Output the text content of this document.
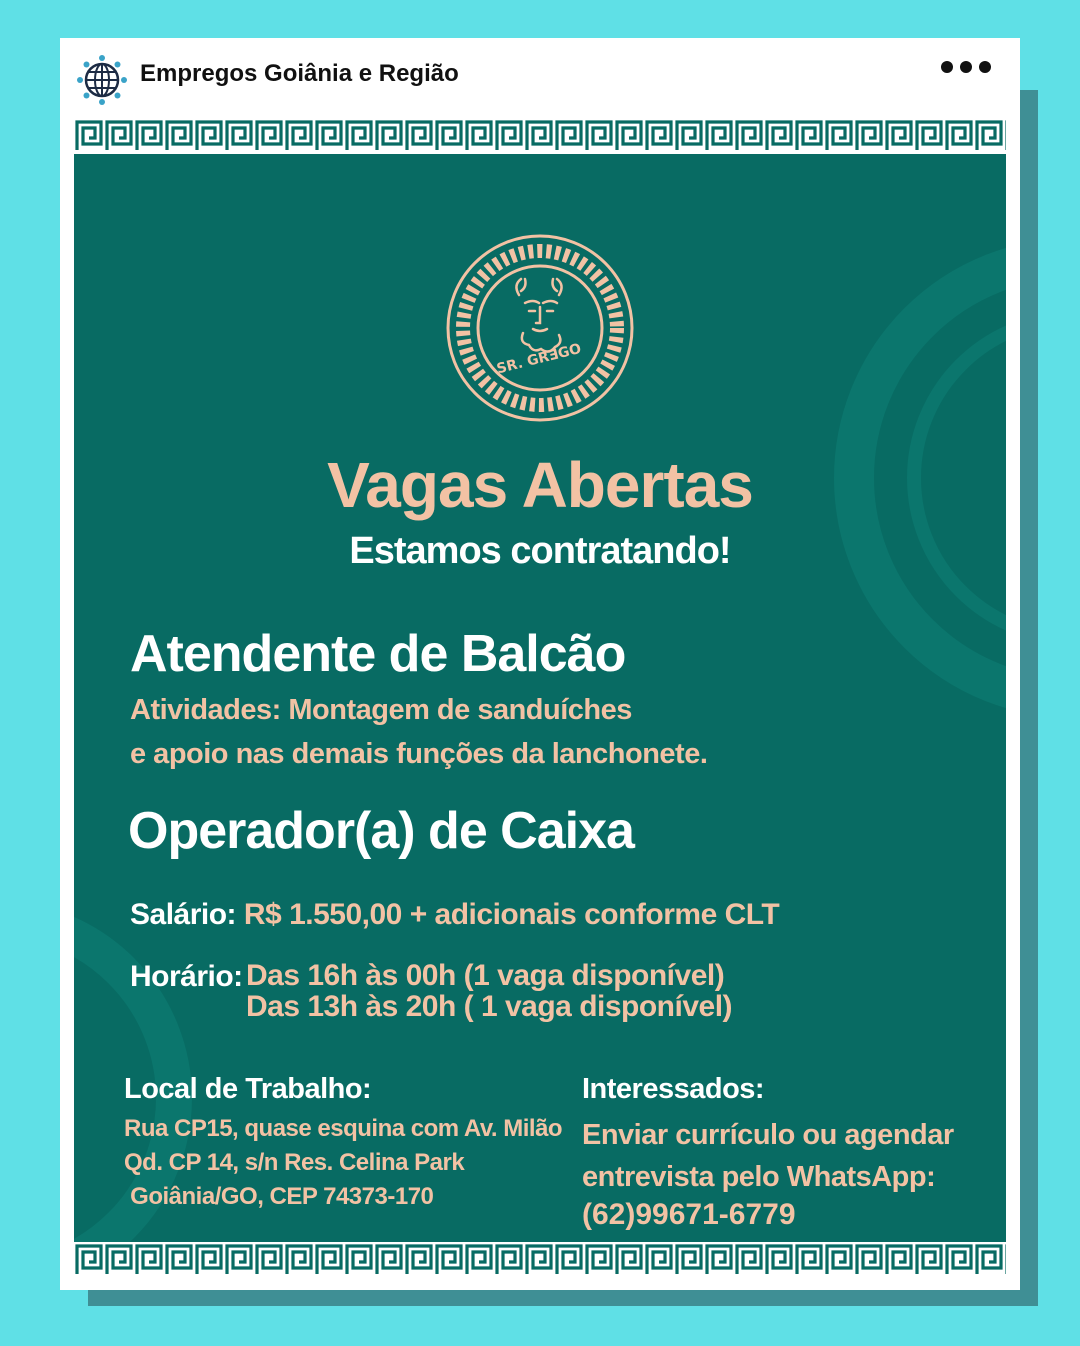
Empregos Goiânia e Região
SR. GRƎGO
Vagas Abertas
Estamos contratando!
Atendente de Balcão
Atividades: Montagem de sanduíches
e apoio nas demais funções da lanchonete.
Operador(a) de Caixa
Salário: R$ 1.550,00 + adicionais conforme CLT
Horário: Das 16h às 00h (1 vaga disponível)
Das 13h às 20h ( 1 vaga disponível)
Local de Trabalho:
Rua CP15, quase esquina com Av. Milão
Qd. CP 14, s/n Res. Celina Park
Goiânia/GO, CEP 74373-170
Interessados:
Enviar currículo ou agendar
entrevista pelo WhatsApp:
(62)99671-6779
